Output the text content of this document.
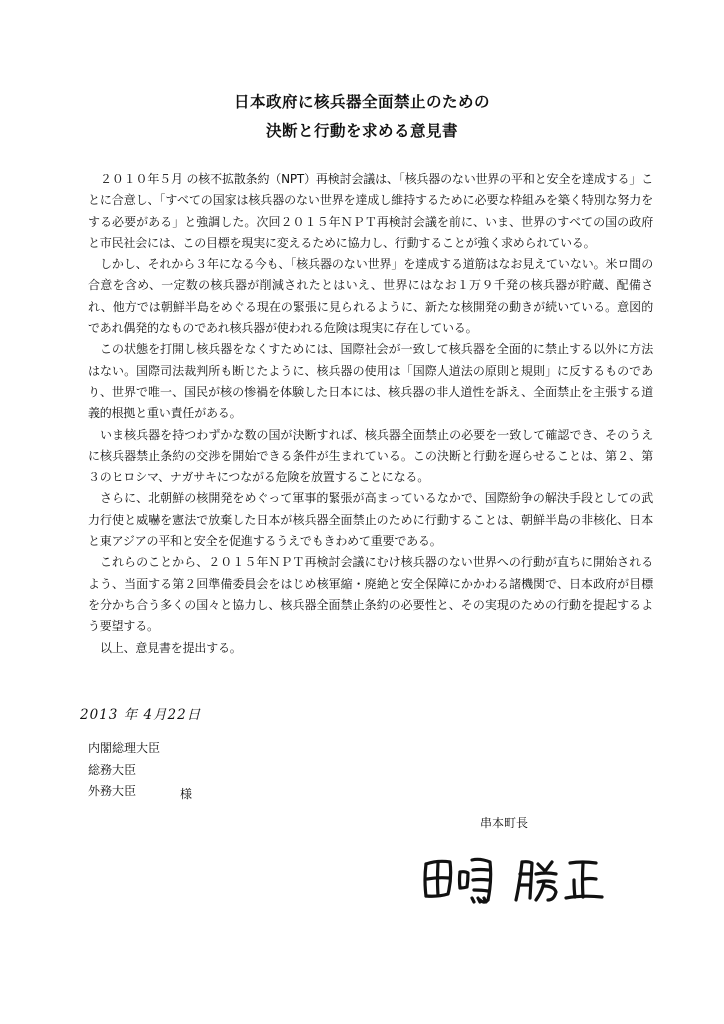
日本政府に核兵器全面禁止のための
決断と行動を求める意見書

２０１０年５月 の核不拡散条約（NPT）再検討会議は、「核兵器のない世界の平和と安全を達成する」ことに合意し、「すべての国家は核兵器のない世界を達成し維持するために必要な枠組みを築く特別な努力をする必要がある」と強調した。次回２０１５年ＮＰＴ再検討会議を前に、いま、世界のすべての国の政府と市民社会には、この目標を現実に変えるために協力し、行動することが強く求められている。

しかし、それから３年になる今も、「核兵器のない世界」を達成する道筋はなお見えていない。米ロ間の合意を含め、一定数の核兵器が削減されたとはいえ、世界にはなお１万９千発の核兵器が貯蔵、配備され、他方では朝鮮半島をめぐる現在の緊張に見られるように、新たな核開発の動きが続いている。意図的であれ偶発的なものであれ核兵器が使われる危険は現実に存在している。

この状態を打開し核兵器をなくすためには、国際社会が一致して核兵器を全面的に禁止する以外に方法はない。国際司法裁判所も断じたように、核兵器の使用は「国際人道法の原則と規則」に反するものであり、世界で唯一、国民が核の惨禍を体験した日本には、核兵器の非人道性を訴え、全面禁止を主張する道義的根拠と重い責任がある。

いま核兵器を持つわずかな数の国が決断すれば、核兵器全面禁止の必要を一致して確認でき、そのうえに核兵器禁止条約の交渉を開始できる条件が生まれている。この決断と行動を遅らせることは、第２、第３のヒロシマ、ナガサキにつながる危険を放置することになる。

さらに、北朝鮮の核開発をめぐって軍事的緊張が高まっているなかで、国際紛争の解決手段としての武力行使と威嚇を憲法で放棄した日本が核兵器全面禁止のために行動することは、朝鮮半島の非核化、日本と東アジアの平和と安全を促進するうえでもきわめて重要である。

これらのことから、２０１５年ＮＰＴ再検討会議にむけ核兵器のない世界への行動が直ちに開始されるよう、当面する第２回準備委員会をはじめ核軍縮・廃絶と安全保障にかかわる諸機関で、日本政府が目標を分かち合う多くの国々と協力し、核兵器全面禁止条約の必要性と、その実現のための行動を提起するよう要望する。

以上、意見書を提出する。

2013 年 4月22日
内閣総理大臣
総務大臣
外務大臣	様
串本町長
